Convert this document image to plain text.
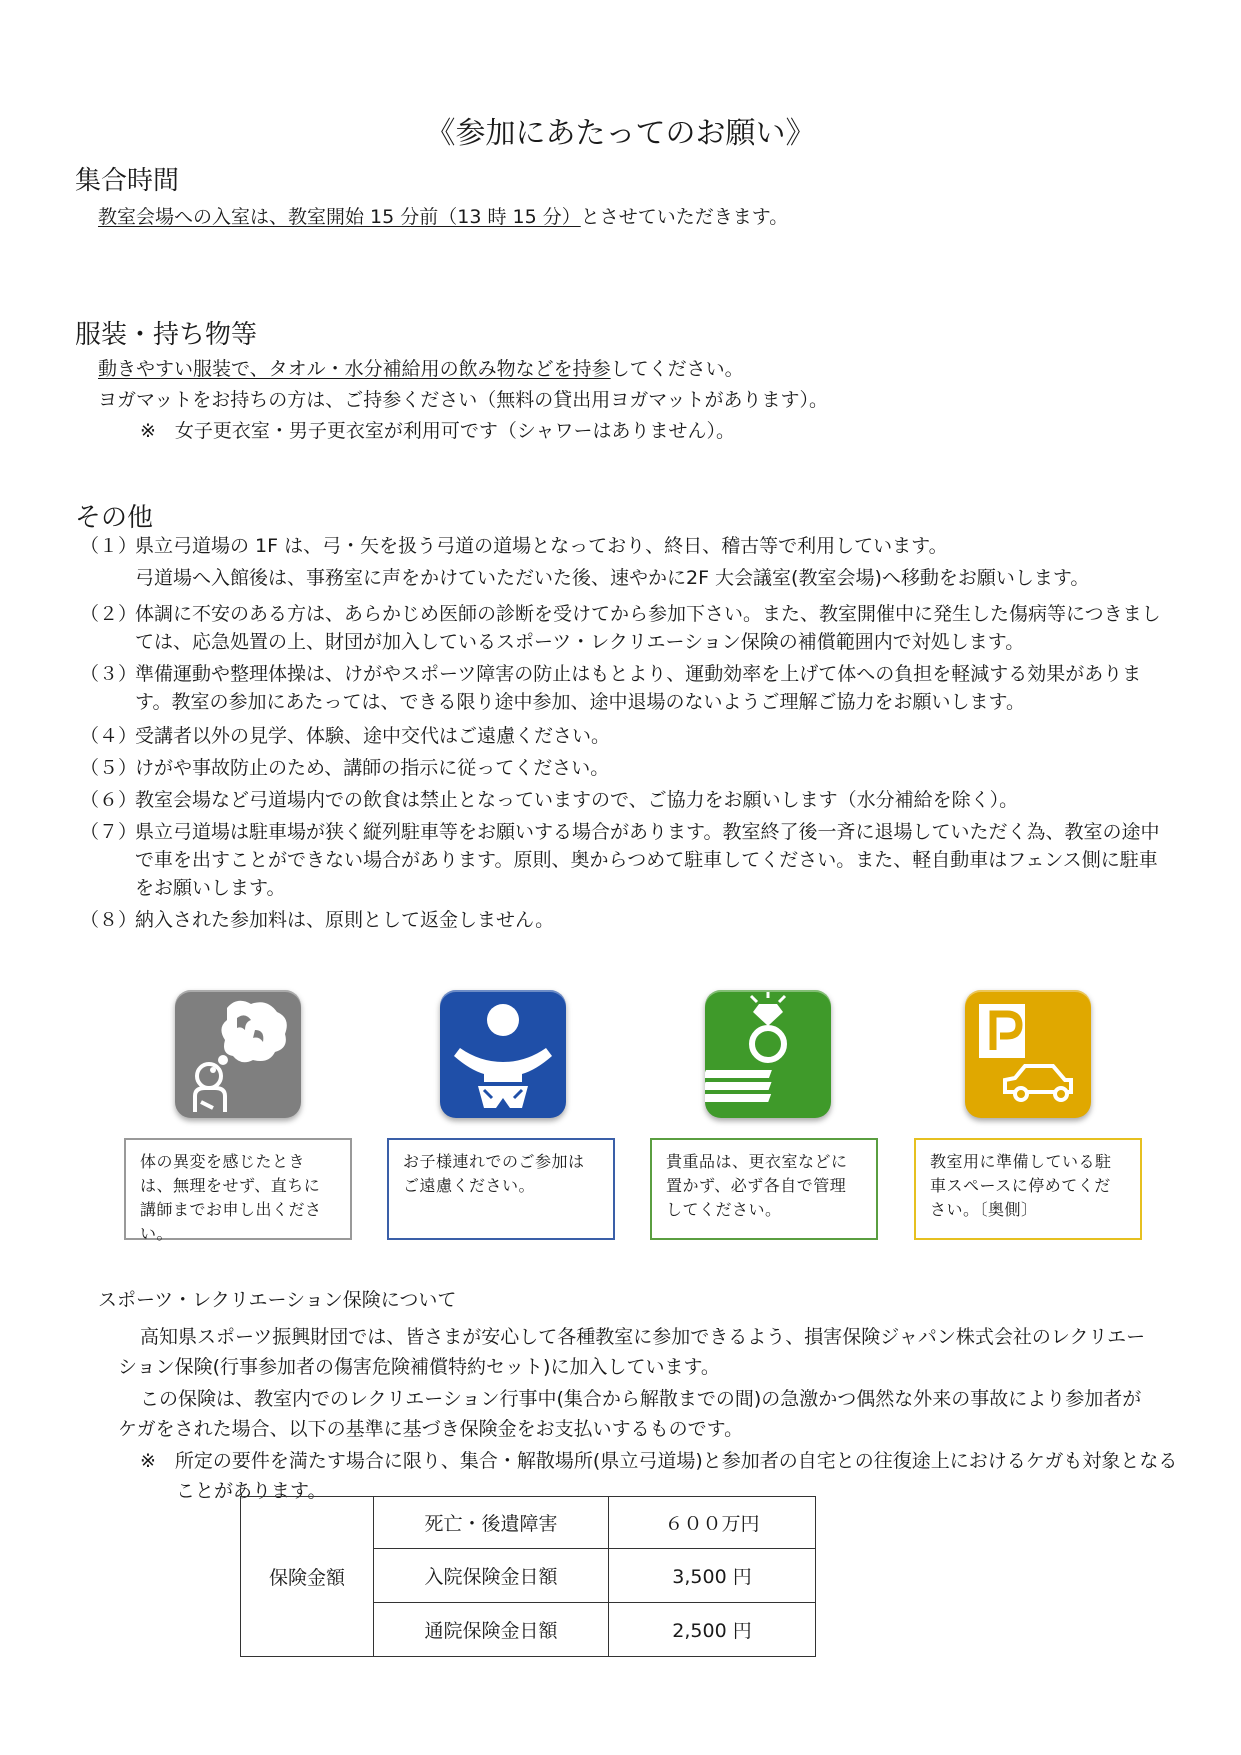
《参加にあたってのお願い》
集合時間
教室会場への入室は、教室開始 15 分前（13 時 15 分）とさせていただきます。
服装・持ち物等
動きやすい服装で、タオル・水分補給用の飲み物などを持参してください。
ヨガマットをお持ちの方は、ご持参ください（無料の貸出用ヨガマットがあります）。
※　女子更衣室・男子更衣室が利用可です（シャワーはありません）。
その他
（１）
県立弓道場の 1F は、弓・矢を扱う弓道の道場となっており、終日、稽古等で利用しています。
弓道場へ入館後は、事務室に声をかけていただいた後、速やかに2F 大会議室(教室会場)へ移動をお願いします。
（２）
体調に不安のある方は、あらかじめ医師の診断を受けてから参加下さい。また、教室開催中に発生した傷病等につきましては、応急処置の上、財団が加入しているスポーツ・レクリエーション保険の補償範囲内で対処します。
（３）
準備運動や整理体操は、けがやスポーツ障害の防止はもとより、運動効率を上げて体への負担を軽減する効果があります。教室の参加にあたっては、できる限り途中参加、途中退場のないようご理解ご協力をお願いします。
（４）
受講者以外の見学、体験、途中交代はご遠慮ください。
（５）
けがや事故防止のため、講師の指示に従ってください。
（６）
教室会場など弓道場内での飲食は禁止となっていますので、ご協力をお願いします（水分補給を除く）。
（７）
県立弓道場は駐車場が狭く縦列駐車等をお願いする場合があります。教室終了後一斉に退場していただく為、教室の途中で車を出すことができない場合があります。原則、奥からつめて駐車してください。また、軽自動車はフェンス側に駐車をお願いします。
（８）
納入された参加料は、原則として返金しません。
体の異変を感じたときは、無理をせず、直ちに講師までお申し出ください。
お子様連れでのご参加はご遠慮ください。
貴重品は、更衣室などに置かず、必ず各自で管理してください。
教室用に準備している駐車スペースに停めてください。〔奥側〕
スポーツ・レクリエーション保険について
高知県スポーツ振興財団では、皆さまが安心して各種教室に参加できるよう、損害保険ジャパン株式会社のレクリエーション保険(行事参加者の傷害危険補償特約セット)に加入しています。
この保険は、教室内でのレクリエーション行事中(集合から解散までの間)の急激かつ偶然な外来の事故により参加者がケガをされた場合、以下の基準に基づき保険金をお支払いするものです。
※　所定の要件を満たす場合に限り、集合・解散場所(県立弓道場)と参加者の自宅との往復途上におけるケガも対象となることがあります。
保険金額	死亡・後遺障害	６００万円
	入院保険金日額	3,500 円
	通院保険金日額	2,500 円
